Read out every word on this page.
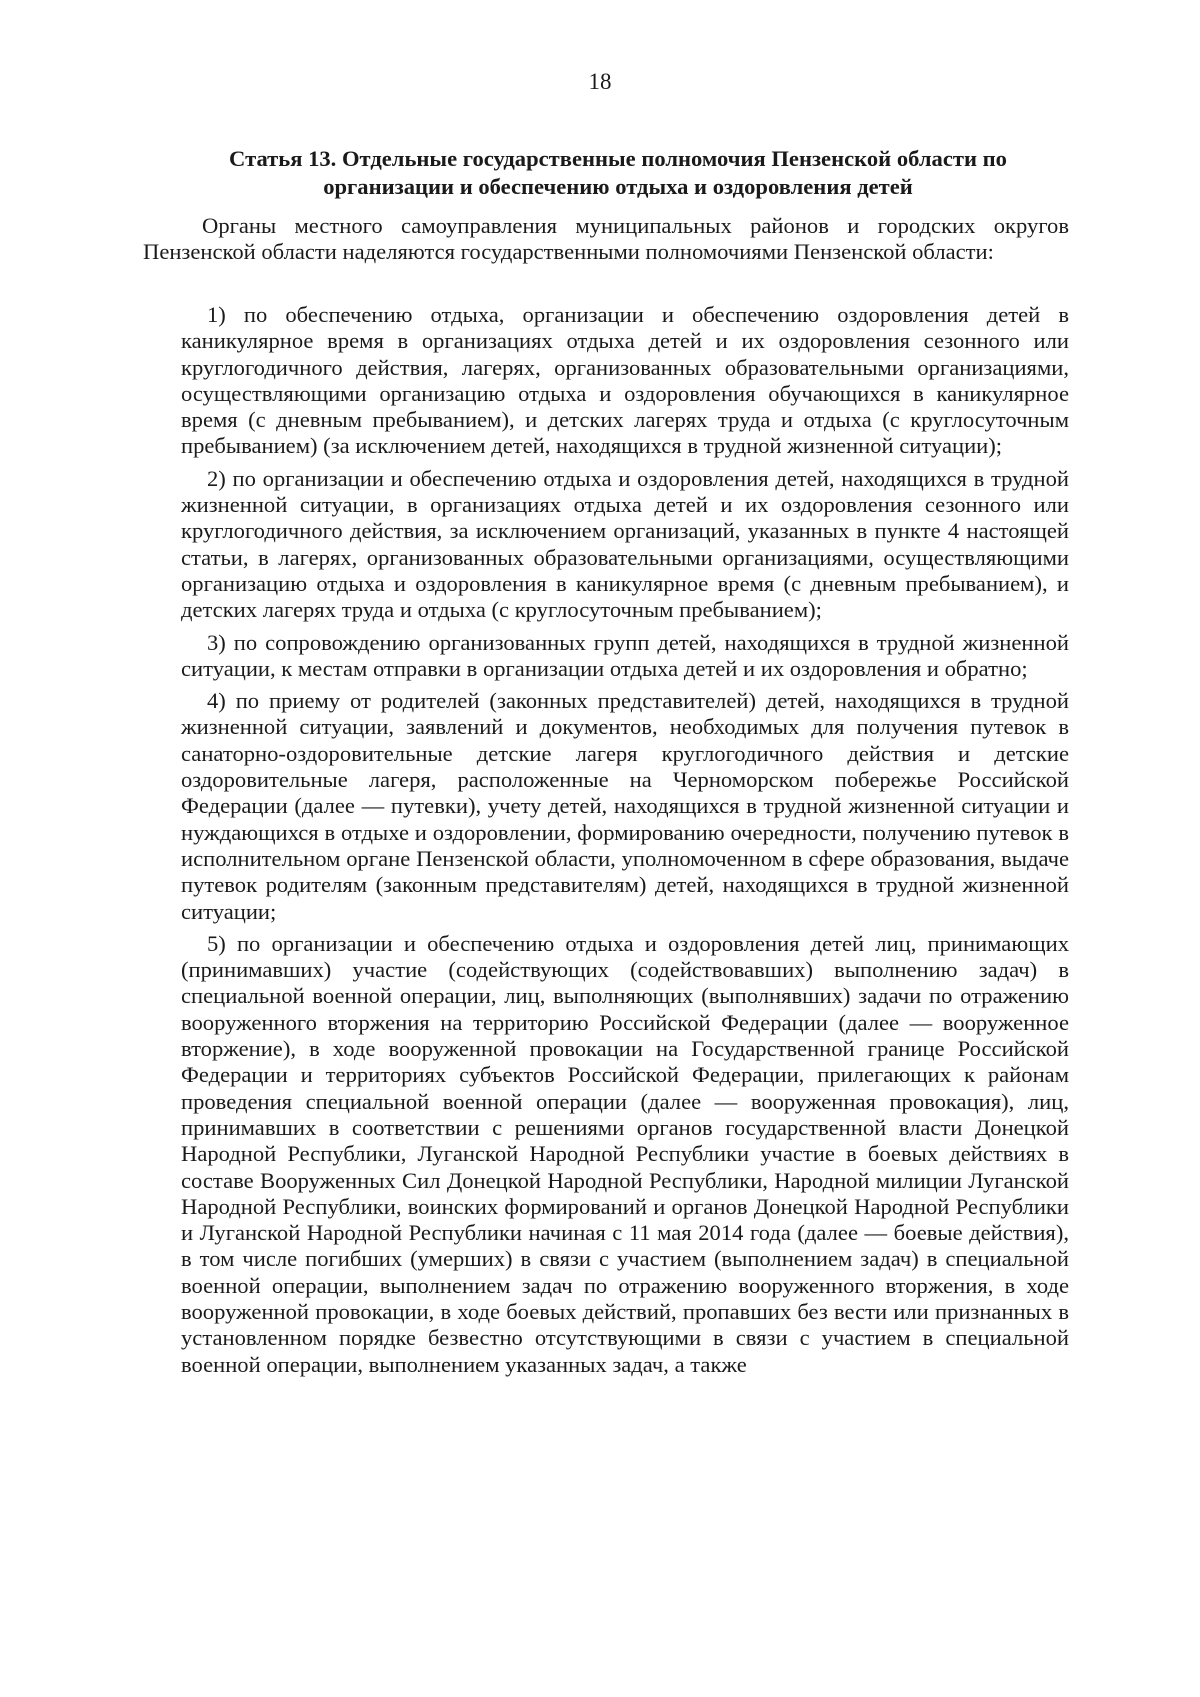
18
Статья 13. Отдельные государственные полномочия Пензенской области по организации и обеспечению отдыха и оздоровления детей

Органы местного самоуправления муниципальных районов и городских округов Пензенской области наделяются государственными полномочиями Пензенской области:

1) по обеспечению отдыха, организации и обеспечению оздоровления детей в каникулярное время в организациях отдыха детей и их оздоровления сезонного или круглогодичного действия, лагерях, организованных образовательными организациями, осуществляющими организацию отдыха и оздоровления обучающихся в каникулярное время (с дневным пребыванием), и детских лагерях труда и отдыха (с круглосуточным пребыванием) (за исключением детей, находящихся в трудной жизненной ситуации);

2) по организации и обеспечению отдыха и оздоровления детей, находящихся в трудной жизненной ситуации, в организациях отдыха детей и их оздоровления сезонного или круглогодичного действия, за исключением организаций, указанных в пункте 4 настоящей статьи, в лагерях, организованных образовательными организациями, осуществляющими организацию отдыха и оздоровления в каникулярное время (с дневным пребыванием), и детских лагерях труда и отдыха (с круглосуточным пребыванием);

3) по сопровождению организованных групп детей, находящихся в трудной жизненной ситуации, к местам отправки в организации отдыха детей и их оздоровления и обратно;

4) по приему от родителей (законных представителей) детей, находящихся в трудной жизненной ситуации, заявлений и документов, необходимых для получения путевок в санаторно-оздоровительные детские лагеря круглогодичного действия и детские оздоровительные лагеря, расположенные на Черноморском побережье Российской Федерации (далее — путевки), учету детей, находящихся в трудной жизненной ситуации и нуждающихся в отдыхе и оздоровлении, формированию очередности, получению путевок в исполнительном органе Пензенской области, уполномоченном в сфере образования, выдаче путевок родителям (законным представителям) детей, находящихся в трудной жизненной ситуации;

5) по организации и обеспечению отдыха и оздоровления детей лиц, принимающих (принимавших) участие (содействующих (содействовавших) выполнению задач) в специальной военной операции, лиц, выполняющих (выполнявших) задачи по отражению вооруженного вторжения на территорию Российской Федерации (далее — вооруженное вторжение), в ходе вооруженной провокации на Государственной границе Российской Федерации и территориях субъектов Российской Федерации, прилегающих к районам проведения специальной военной операции (далее — вооруженная провокация), лиц, принимавших в соответствии с решениями органов государственной власти Донецкой Народной Республики, Луганской Народной Республики участие в боевых действиях в составе Вооруженных Сил Донецкой Народной Республики, Народной милиции Луганской Народной Республики, воинских формирований и органов Донецкой Народной Республики и Луганской Народной Республики начиная с 11 мая 2014 года (далее — боевые действия), в том числе погибших (умерших) в связи с участием (выполнением задач) в специальной военной операции, выполнением задач по отражению вооруженного вторжения, в ходе вооруженной провокации, в ходе боевых действий, пропавших без вести или признанных в установленном порядке безвестно отсутствующими в связи с участием в специальной военной операции, выполнением указанных задач, а также
